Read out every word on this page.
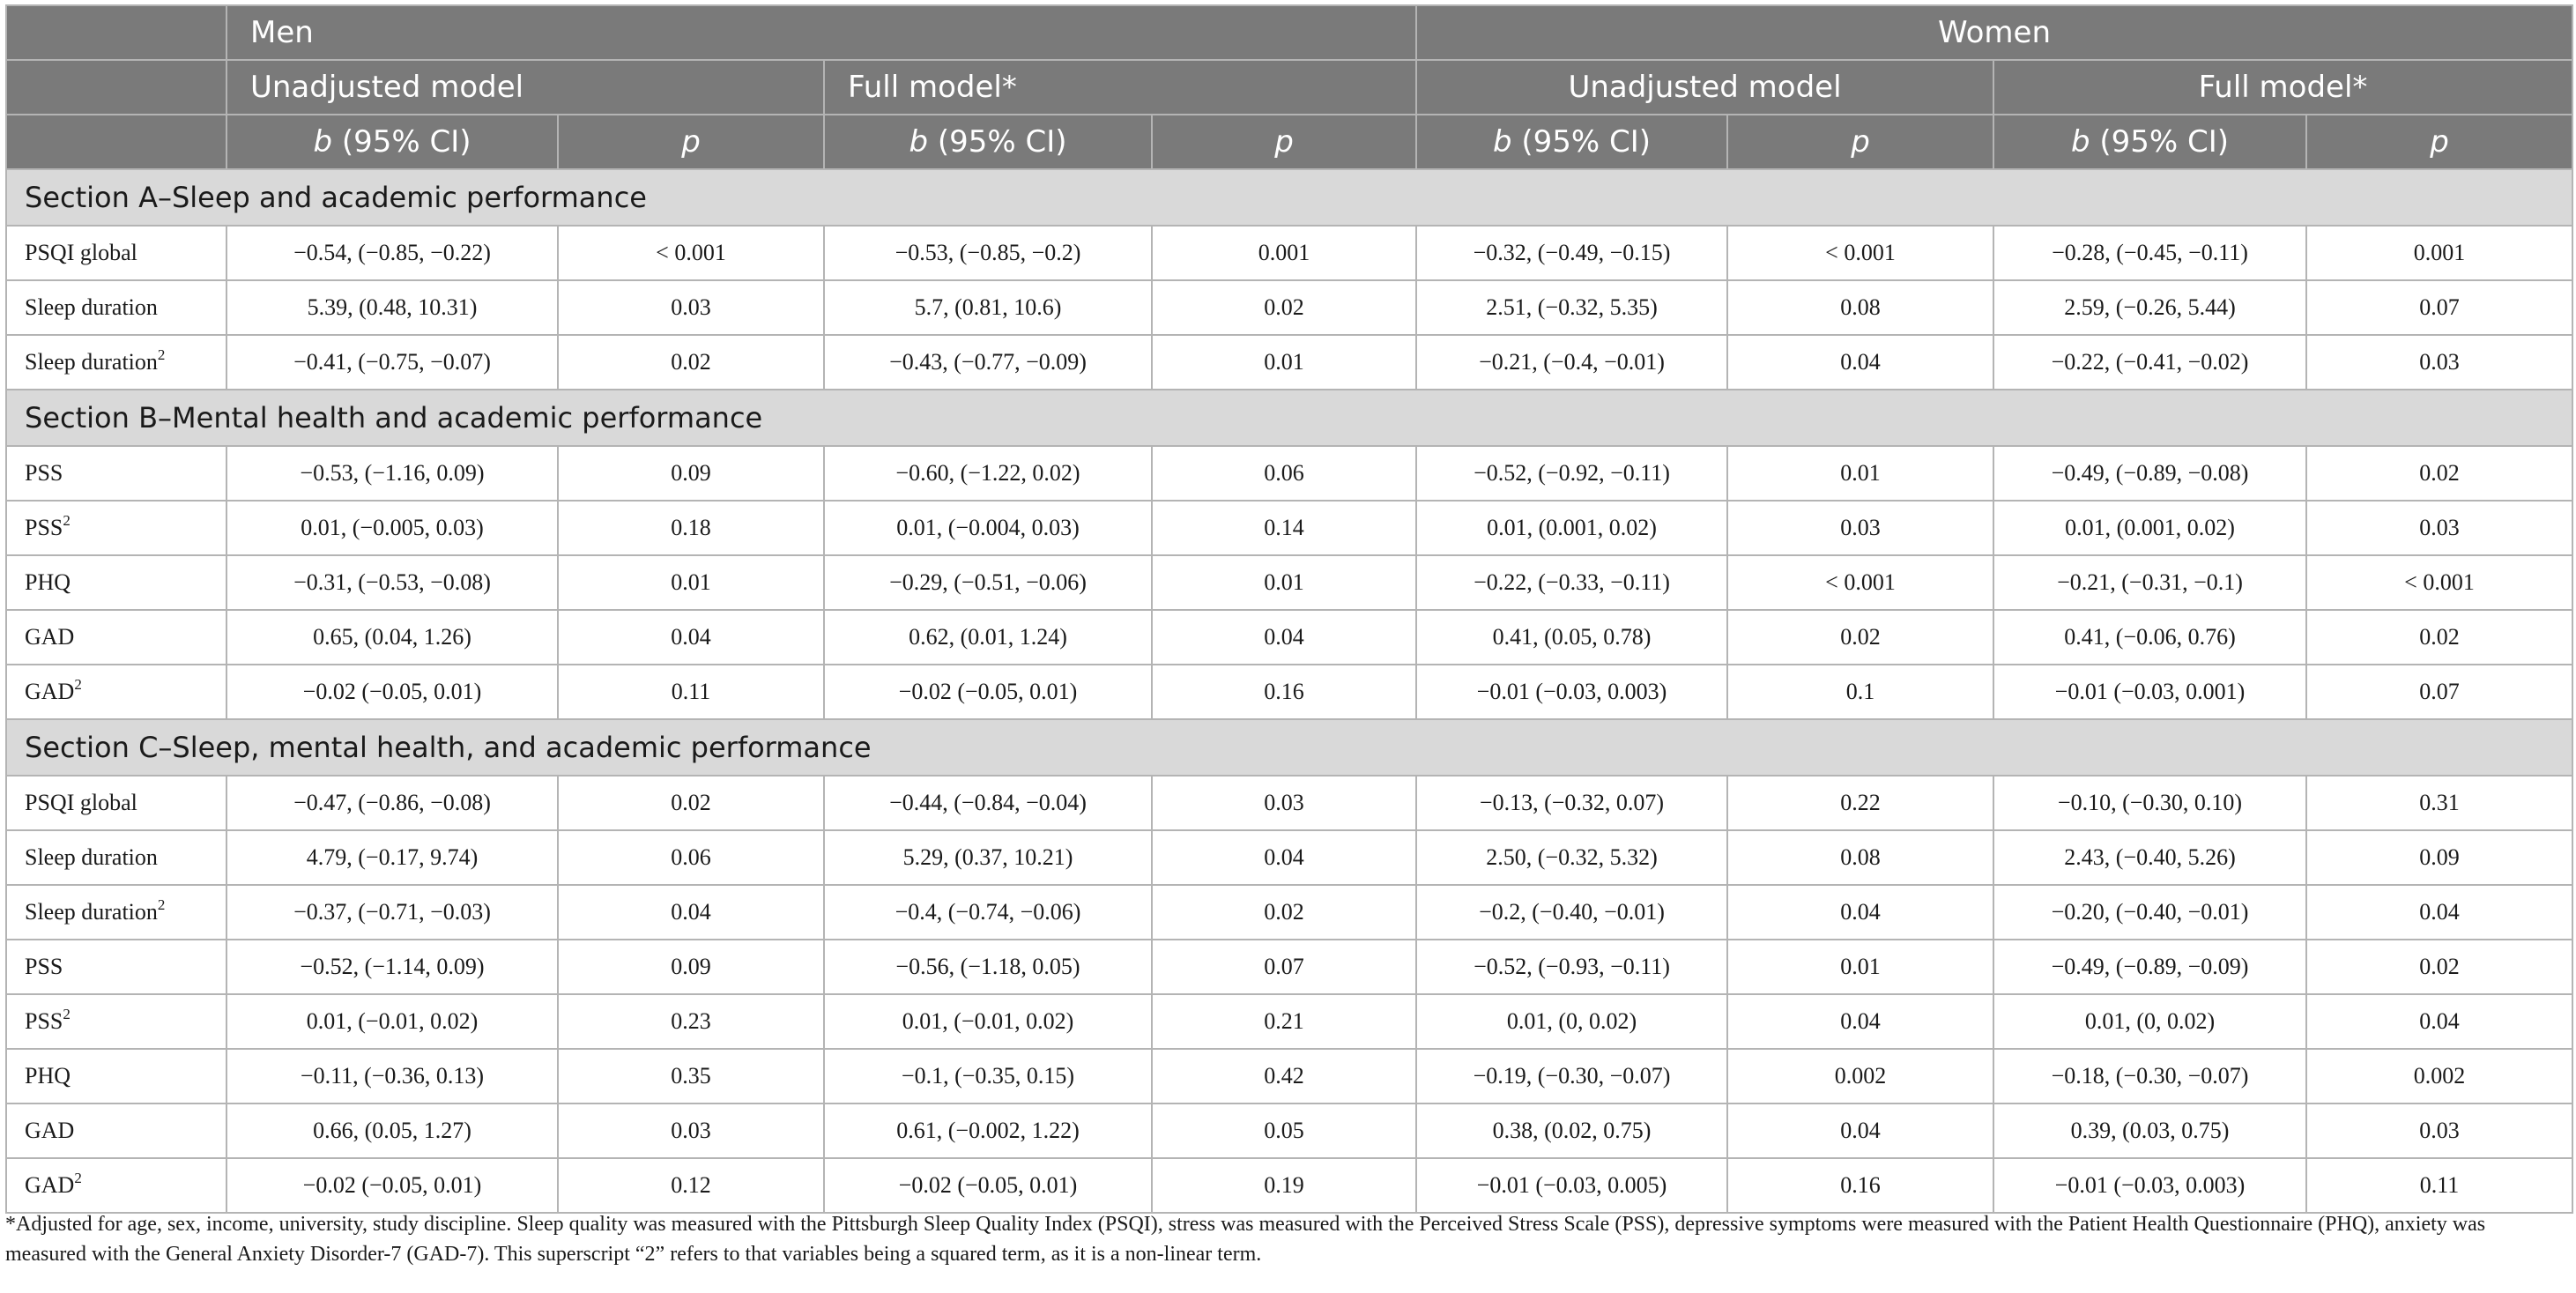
	Men				Women			
	Unadjusted model		Full model*		Unadjusted model		Full model*	
	b (95% CI)	p	b (95% CI)	p	b (95% CI)	p	b (95% CI)	p
Section A–Sleep and academic performance								
PSQI global	−0.54, (−0.85, −0.22)	< 0.001	−0.53, (−0.85, −0.2)	0.001	−0.32, (−0.49, −0.15)	< 0.001	−0.28, (−0.45, −0.11)	0.001
Sleep duration	5.39, (0.48, 10.31)	0.03	5.7, (0.81, 10.6)	0.02	2.51, (−0.32, 5.35)	0.08	2.59, (−0.26, 5.44)	0.07
Sleep duration$^2$	−0.41, (−0.75, −0.07)	0.02	−0.43, (−0.77, −0.09)	0.01	−0.21, (−0.4, −0.01)	0.04	−0.22, (−0.41, −0.02)	0.03
Section B–Mental health and academic performance								
PSS	−0.53, (−1.16, 0.09)	0.09	−0.60, (−1.22, 0.02)	0.06	−0.52, (−0.92, −0.11)	0.01	−0.49, (−0.89, −0.08)	0.02
PSS$^2$	0.01, (−0.005, 0.03)	0.18	0.01, (−0.004, 0.03)	0.14	0.01, (0.001, 0.02)	0.03	0.01, (0.001, 0.02)	0.03
PHQ	−0.31, (−0.53, −0.08)	0.01	−0.29, (−0.51, −0.06)	0.01	−0.22, (−0.33, −0.11)	< 0.001	−0.21, (−0.31, −0.1)	< 0.001
GAD	0.65, (0.04, 1.26)	0.04	0.62, (0.01, 1.24)	0.04	0.41, (0.05, 0.78)	0.02	0.41, (−0.06, 0.76)	0.02
$GAD^2$	−0.02 (−0.05, 0.01)	0.11	−0.02 (−0.05, 0.01)	0.16	−0.01 (−0.03, 0.003)	0.1	−0.01 (−0.03, 0.001)	0.07
Section C–Sleep, mental health, and academic performance								
PSQI global	−0.47, (−0.86, −0.08)	0.02	−0.44, (−0.84, −0.04)	0.03	−0.13, (−0.32, 0.07)	0.22	−0.10, (−0.30, 0.10)	0.31
Sleep duration	4.79, (−0.17, 9.74)	0.06	5.29, (0.37, 10.21)	0.04	2.50, (−0.32, 5.32)	0.08	2.43, (−0.40, 5.26)	0.09
Sleep duration$^2$	−0.37, (−0.71, −0.03)	0.04	−0.4, (−0.74, −0.06)	0.02	−0.2, (−0.40, −0.01)	0.04	−0.20, (−0.40, −0.01)	0.04
PSS	−0.52, (−1.14, 0.09)	0.09	−0.56, (−1.18, 0.05)	0.07	−0.52, (−0.93, −0.11)	0.01	−0.49, (−0.89, −0.09)	0.02
PSS$^2$	0.01, (−0.01, 0.02)	0.23	0.01, (−0.01, 0.02)	0.21	0.01, (0, 0.02)	0.04	0.01, (0, 0.02)	0.04
PHQ	−0.11, (−0.36, 0.13)	0.35	−0.1, (−0.35, 0.15)	0.42	−0.19, (−0.30, −0.07)	0.002	−0.18, (−0.30, −0.07)	0.002
GAD	0.66, (0.05, 1.27)	0.03	0.61, (−0.002, 1.22)	0.05	0.38, (0.02, 0.75)	0.04	0.39, (0.03, 0.75)	0.03
$GAD^2$	−0.02 (−0.05, 0.01)	0.12	−0.02 (−0.05, 0.01)	0.19	−0.01 (−0.03, 0.005)	0.16	−0.01 (−0.03, 0.003)	0.11
*Adjusted for age, sex, income, university, study discipline. Sleep quality was measured with the Pittsburgh Sleep Quality Index (PSQI), stress was measured with the Perceived Stress Scale (PSS), depressive symptoms were measured with the Patient Health Questionnaire (PHQ), anxiety was measured with the General Anxiety Disorder-7 (GAD-7). This superscript “2” refers to that variables being a squared term, as it is a non-linear term.
